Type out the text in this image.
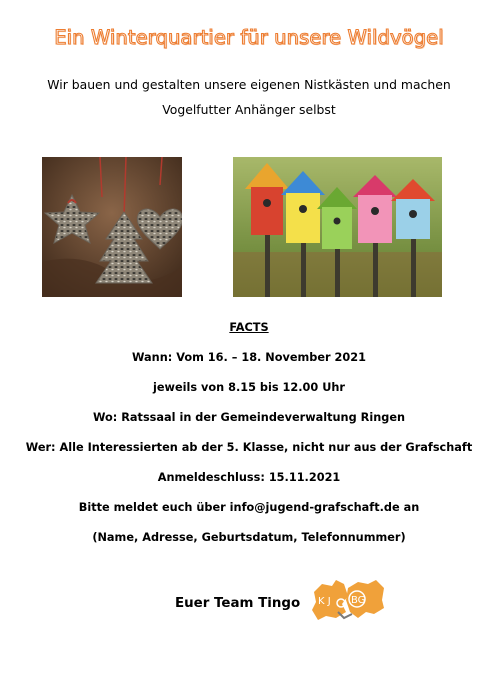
Ein Winterquartier für unsere Wildvögel
Wir bauen und gestalten unsere eigenen Nistkästen und machen
Vogelfutter Anhänger selbst
FACTS
Wann: Vom 16. – 18. November 2021
jeweils von 8.15 bis 12.00 Uhr
Wo: Ratssaal in der Gemeindeverwaltung Ringen
Wer: Alle Interessierten ab der 5. Klasse, nicht nur aus der Grafschaft
Anmeldeschluss: 15.11.2021
Bitte meldet euch über info@jugend-grafschaft.de an
(Name, Adresse, Geburtsdatum, Telefonnummer)
Euer Team Tingo K J BG
